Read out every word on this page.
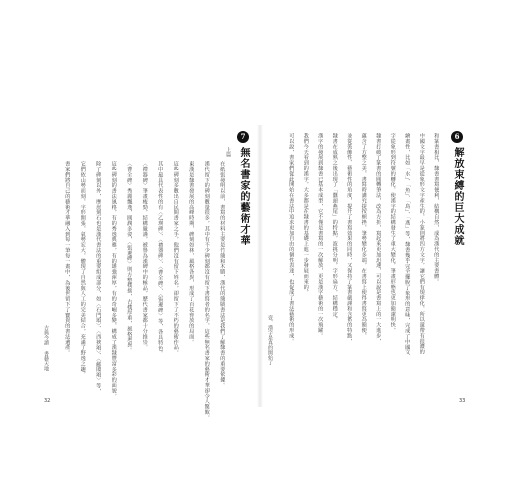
6
解放束縛的巨大成就
壹、漢字是真的開始了
33
和篆書相比，隸書書寫便利，結構自然，成為漢代的主要書體。
中國文字最早是從象形文字產生的，小篆則將四方文字，讓它們有規律化，所以還帶有很濃的
繪畫性，比如「水」、「魚」、「鳥」、「燕」等，隸書幾乎完全擺脫了象形的意味，完成了中國文
字從象形到符號的轉化，使漢字的結構發生了重大變化，筆畫形態也更加簡潔明快，
隸書打破了篆書的圓轉筆法，改為方折，寫起來更加迅速，可以說是書寫上的一大進步，
蘊含了方整之美，書寫時講究提按頓挫，筆勢變化多端，在書寫上使得書寫更為簡便，
並從裝飾性、藝術性的角度，提升了書寫效果的同時，又保持了篆書嚴謹和含蓄的特點，
隸書在成熟之後出現了「蠶頭燕尾」的特點，波挑分明，字形扁方，結構穩定，
漢字的發展到隸書已基本成型，它不僅是書寫的一次解放，更是漢字藝術的一次飛躍。
我們今天看到的漢字，大多都是在隸書的基礎上進一步發展而來的，
可以說，書家們從此開始在書法中追求更加自由的個性表達，也促成了書法藝術的形成。
7
無名書家的藝術才華
上篇
古典今讀 書藝天地
32
在紙張發明以前，書寫的材料主要是竹簡和木牘，漢代的簡牘書法是我們了解隸書的重要依據。
漢代留下的碑刻數量很多，其中有不少碑刻都沒有留下書寫者的名字，這些無名書家的藝術才華卻令人驚歎。
東漢是隸書發展的高峰時期，碑刻如林，風格各異，形成了百花齊放的局面。
這些碑刻多數出自民間書家之手，他們沒有留下姓名，卻留下了不朽的藝術作品。
其中最具代表性的有〈乙瑛碑〉、〈禮器碑〉、〈曹全碑〉、〈張遷碑〉等，各具特色。
〈禮器碑〉筆畫瘦勁，結構嚴謹，被譽為漢碑中的極品，歷代書家都十分推崇。
〈曹全碑〉秀麗飄逸，圓潤多姿，〈張遷碑〉則方整樸拙，古樸厚重，風格迥異。
這些碑刻的書法風格，有的秀逸典雅，有的雄強渾厚，有的奇崛多變，構成了漢隸豐富多彩的面貌。
除了碑刻以外，摩崖刻石也是漢代書法的重要組成部分，如〈石門頌〉、〈西狹頌〉、〈郙閣頌〉等，
它們依山勢而刻，字形開張，氣勢宏大，體現了自然與人工的完美結合，充滿了野逸之趣。
書家們將自己的藝術才華融入到每一筆每一畫中，為後世留下了寶貴的書法遺產。
